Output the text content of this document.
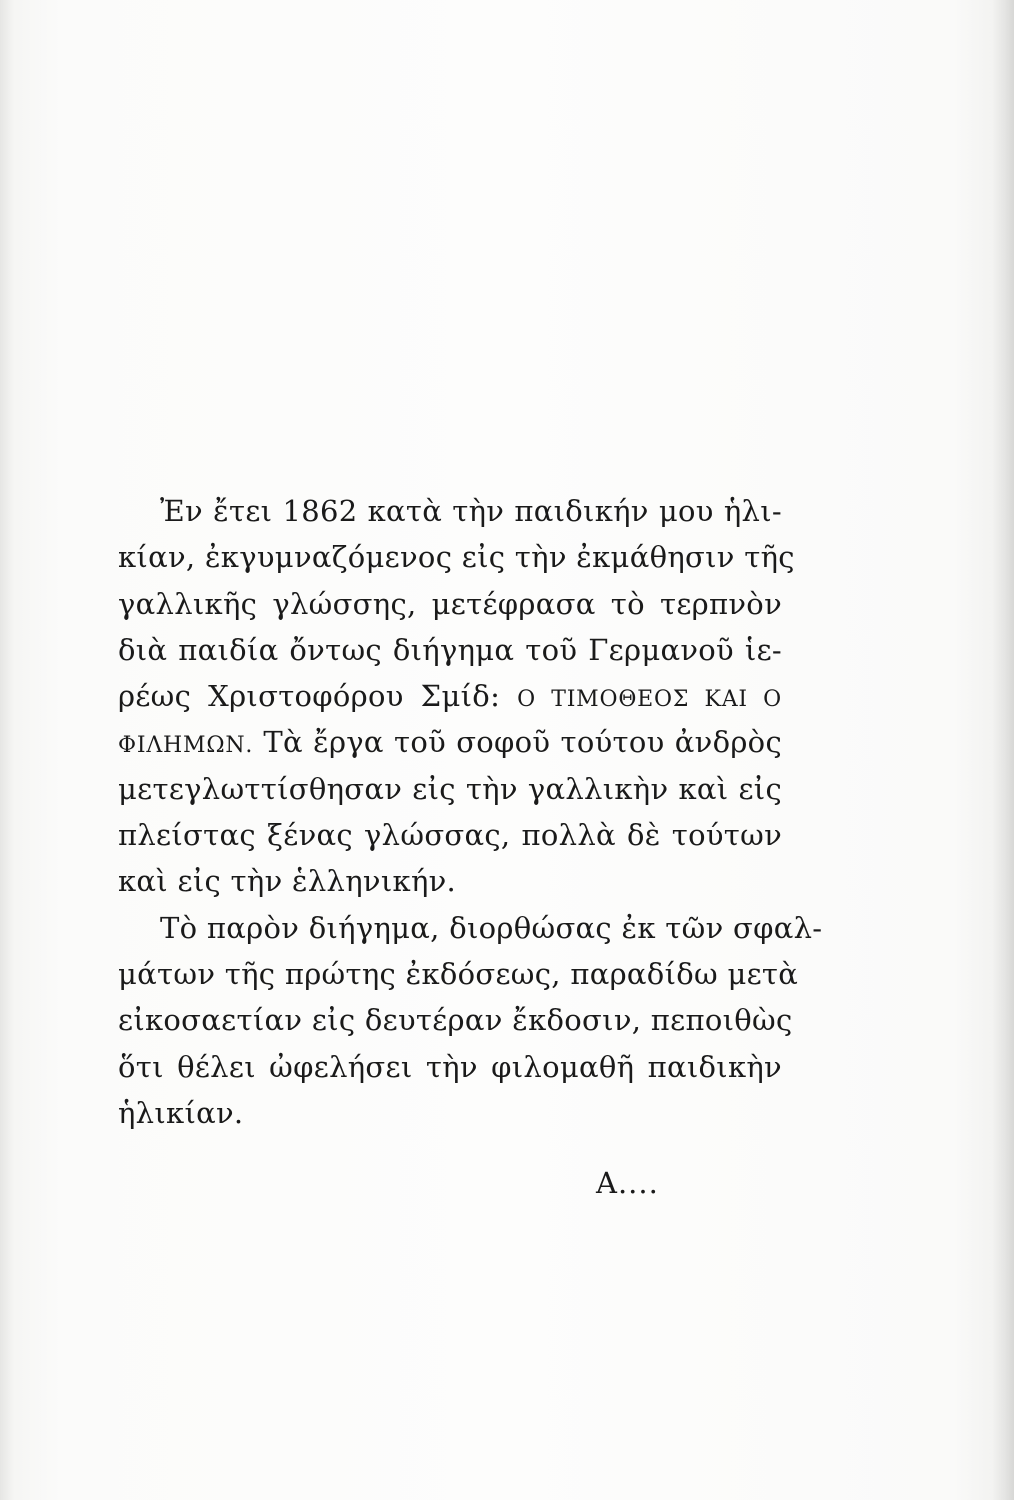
Ἐν ἔτει 1862 κατὰ τὴν παιδικήν μου ἡλι-
κίαν, ἐκγυμναζόμενος εἰς τὴν ἐκμάθησιν τῆς
γαλλικῆς γλώσσης, μετέφρασα τὸ τερπνὸν
διὰ παιδία ὄντως διήγημα τοῦ Γερμανοῦ ἱε-
ρέως Χριστοφόρου Σμίδ: Ο ΤΙΜΟΘΕΟΣ ΚΑΙ Ο
ΦΙΛΗΜΩΝ. Τὰ ἔργα τοῦ σοφοῦ τούτου ἀνδρὸς
μετεγλωττίσθησαν εἰς τὴν γαλλικὴν καὶ εἰς
πλείστας ξένας γλώσσας, πολλὰ δὲ τούτων
καὶ εἰς τὴν ἑλληνικήν.
Τὸ παρὸν διήγημα, διορθώσας ἐκ τῶν σφαλ-
μάτων τῆς πρώτης ἐκδόσεως, παραδίδω μετὰ
εἰκοσαετίαν εἰς δευτέραν ἔκδοσιν, πεποιθὼς
ὅτι θέλει ὠφελήσει τὴν φιλομαθῆ παιδικὴν
ἡλικίαν.
Α....
